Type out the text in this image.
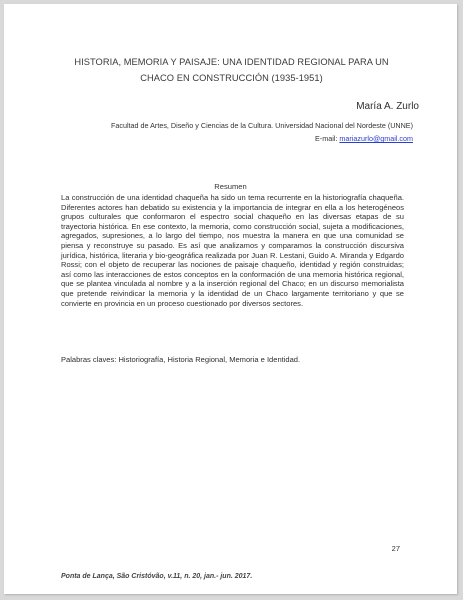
HISTORIA, MEMORIA Y PAISAJE: UNA IDENTIDAD REGIONAL PARA UN
CHACO EN CONSTRUCCIÓN (1935-1951)
María A. Zurlo
Facultad de Artes, Diseño y Ciencias de la Cultura. Universidad Nacional del Nordeste (UNNE)
E-mail: mariazurlo@gmail.com
Resumen

La construcción de una identidad chaqueña ha sido un tema recurrente en la historiografía chaqueña. Diferentes actores han debatido su existencia y la importancia de integrar en ella a los heterogéneos grupos culturales que conformaron el espectro social chaqueño en las diversas etapas de su trayectoria histórica. En ese contexto, la memoria, como construcción social, sujeta a modificaciones, agregados, supresiones, a lo largo del tiempo, nos muestra la manera en que una comunidad se piensa y reconstruye su pasado. Es así que analizamos y comparamos la construcción discursiva jurídica, histórica, literaria y bio-geográfica realizada por Juan R. Lestani, Guido A. Miranda y Edgardo Rossi; con el objeto de recuperar las nociones de paisaje chaqueño, identidad y región construidas; así como las interacciones de estos conceptos en la conformación de una memoria histórica regional, que se plantea vinculada al nombre y a la inserción regional del Chaco; en un discurso memorialista que pretende reivindicar la memoria y la identidad de un Chaco largamente territoriano y que se convierte en provincia en un proceso cuestionado por diversos sectores.

Palabras claves: Historiografía, Historia Regional, Memoria e Identidad.
27
Ponta de Lança, São Cristóvão, v.11, n. 20, jan.- jun. 2017.
